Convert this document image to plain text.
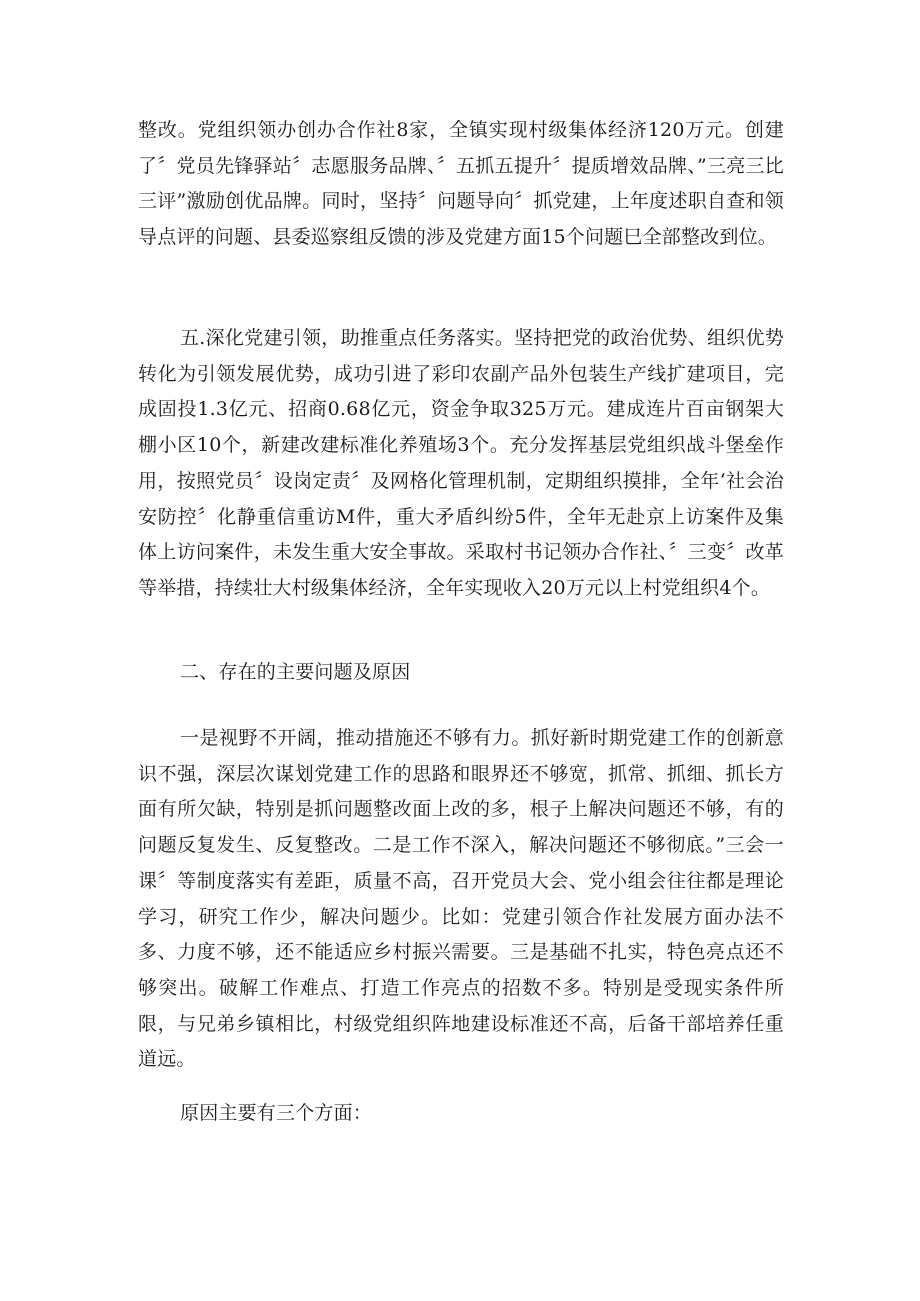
整改。党组织领办创办合作社8家，全镇实现村级集体经济120万元。创建了〞党员先锋驿站〞志愿服务品牌、〞五抓五提升〞提质增效品牌、”三亮三比三评”激励创优品牌。同时，坚持〞问题导向〞抓党建，上年度述职自查和领导点评的问题、县委巡察组反馈的涉及党建方面15个问题巳全部整改到位。

五.深化党建引领，助推重点任务落实。坚持把党的政治优势、组织优势转化为引领发展优势，成功引进了彩印农副产品外包装生产线扩建项目，完成固投1.3亿元、招商0.68亿元，资金争取325万元。建成连片百亩钢架大棚小区10个，新建改建标准化养殖场3个。充分发挥基层党组织战斗堡垒作用，按照党员〞设岗定责〞及网格化管理机制，定期组织摸排，全年‘社会治安防控〞化静重信重访M件，重大矛盾纠纷5件，全年无赴京上访案件及集体上访问案件，未发生重大安全事故。采取村书记领办合作社、〞三变〞改革等举措，持续壮大村级集体经济，全年实现收入20万元以上村党组织4个。

二、存在的主要问题及原因

一是视野不开阔，推动措施还不够有力。抓好新时期党建工作的创新意识不强，深层次谋划党建工作的思路和眼界还不够宽，抓常、抓细、抓长方面有所欠缺，特别是抓问题整改面上改的多，根子上解决问题还不够，有的问题反复发生、反复整改。二是工作不深入，解决问题还不够彻底。”三会一课〞等制度落实有差距，质量不高，召开党员大会、党小组会往往都是理论学习，研究工作少，解决问题少。比如：党建引领合作社发展方面办法不多、力度不够，还不能适应乡村振兴需要。三是基础不扎实，特色亮点还不够突出。破解工作难点、打造工作亮点的招数不多。特别是受现实条件所限，与兄弟乡镇相比，村级党组织阵地建设标准还不高，后备干部培养任重道远。

原因主要有三个方面：
